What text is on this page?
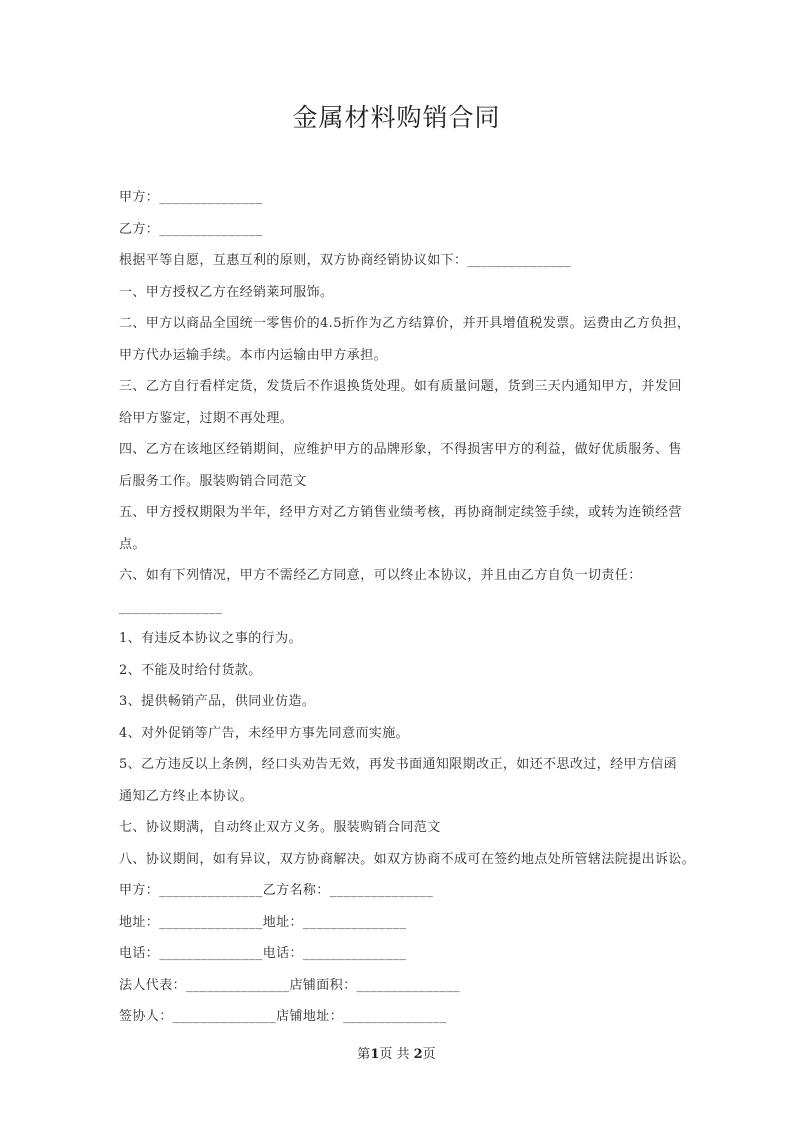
金属材料购销合同
甲方：_______________
乙方：_______________
根据平等自愿，互惠互利的原则，双方协商经销协议如下：_______________
一、甲方授权乙方在经销莱珂服饰。
二、甲方以商品全国统一零售价的4.5折作为乙方结算价，并开具增值税发票。运费由乙方负担，
甲方代办运输手续。本市内运输由甲方承担。
三、乙方自行看样定货，发货后不作退换货处理。如有质量问题，货到三天内通知甲方，并发回
给甲方鉴定，过期不再处理。
四、乙方在该地区经销期间，应维护甲方的品牌形象，不得损害甲方的利益，做好优质服务、售
后服务工作。服装购销合同范文
五、甲方授权期限为半年，经甲方对乙方销售业绩考核，再协商制定续签手续，或转为连锁经营
点。
六、如有下列情况，甲方不需经乙方同意，可以终止本协议，并且由乙方自负一切责任：
_______________
1、有违反本协议之事的行为。
2、不能及时给付货款。
3、提供畅销产品，供同业仿造。
4、对外促销等广告，未经甲方事先同意而实施。
5、乙方违反以上条例，经口头劝告无效，再发书面通知限期改正，如还不思改过，经甲方信函
通知乙方终止本协议。
七、协议期满，自动终止双方义务。服装购销合同范文
八、协议期间，如有异议，双方协商解决。如双方协商不成可在签约地点处所管辖法院提出诉讼。
甲方：_______________乙方名称：_______________
地址：_______________地址：_______________
电话：_______________电话：_______________
法人代表：_______________店铺面积：_______________
签协人：_______________店铺地址：_______________
第1页 共 2页
